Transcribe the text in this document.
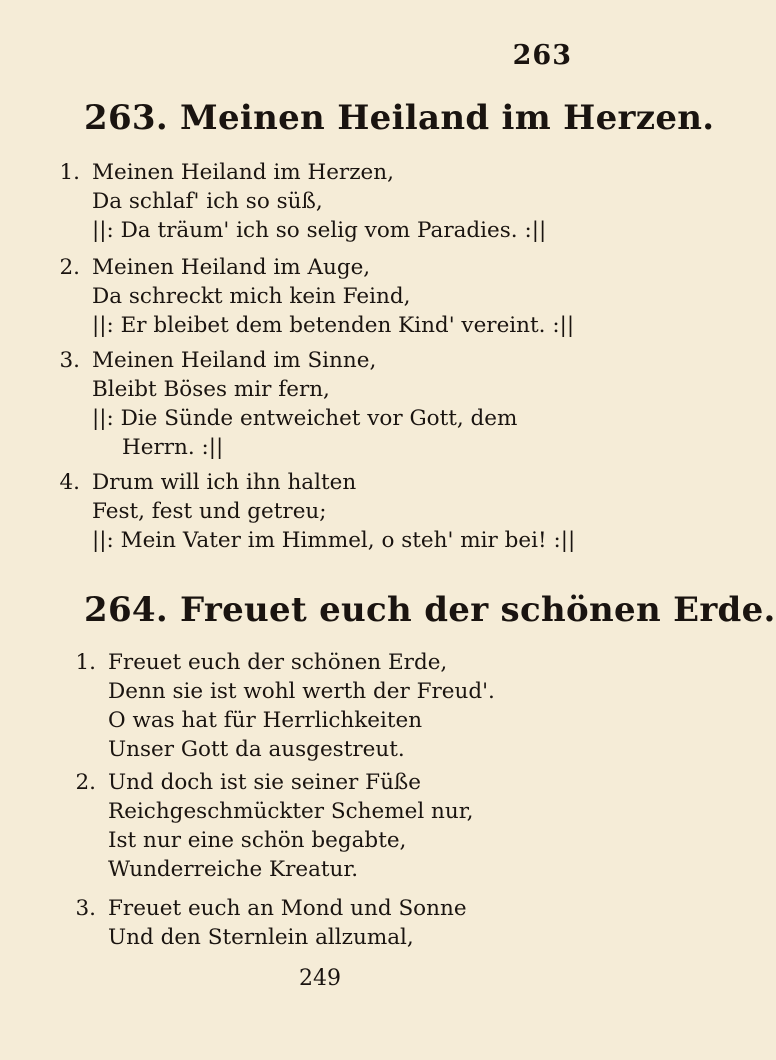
263
263. Meinen Heiland im Herzen.
1. Meinen Heiland im Herzen,
Da schlaf' ich so süß,
||: Da träum' ich so selig vom Paradies. :||
2. Meinen Heiland im Auge,
Da schreckt mich kein Feind,
||: Er bleibet dem betenden Kind' vereint. :||
3. Meinen Heiland im Sinne,
Bleibt Böses mir fern,
||: Die Sünde entweichet vor Gott, dem
Herrn. :||
4. Drum will ich ihn halten
Fest, fest und getreu;
||: Mein Vater im Himmel, o steh' mir bei! :||
264. Freuet euch der schönen Erde.
1. Freuet euch der schönen Erde,
Denn sie ist wohl werth der Freud'.
O was hat für Herrlichkeiten
Unser Gott da ausgestreut.
2. Und doch ist sie seiner Füße
Reichgeschmückter Schemel nur,
Ist nur eine schön begabte,
Wunderreiche Kreatur.
3. Freuet euch an Mond und Sonne
Und den Sternlein allzumal,
249
